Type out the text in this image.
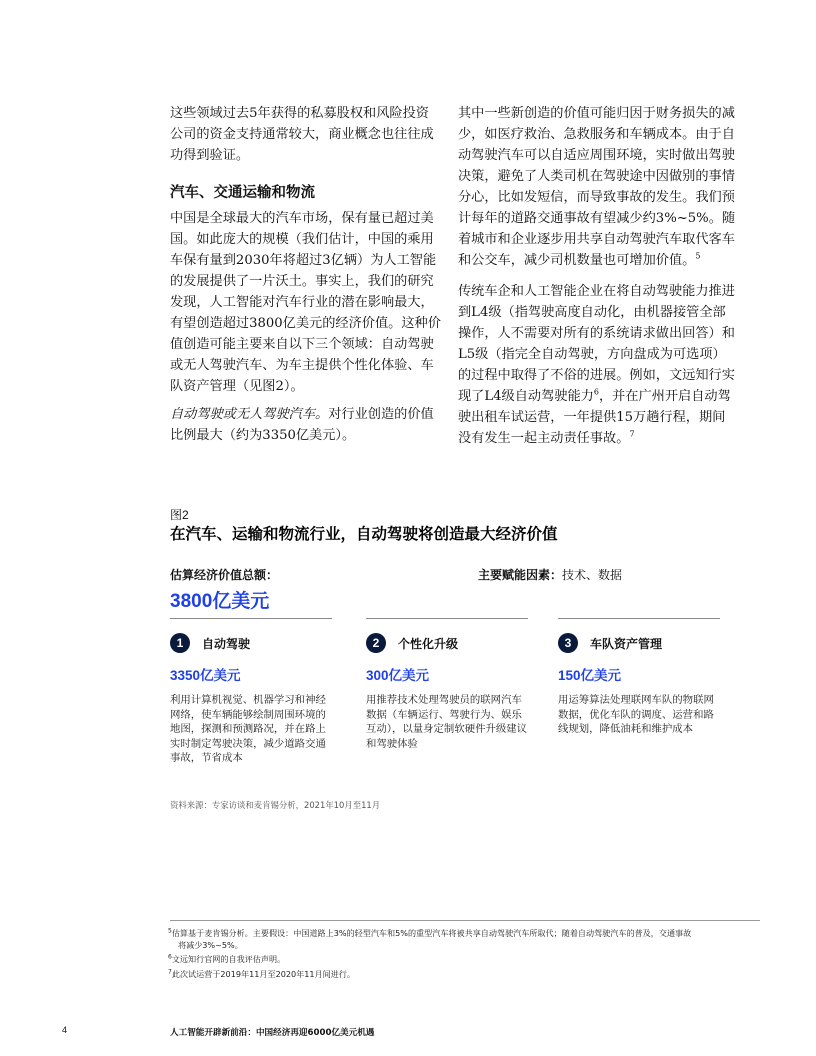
这些领域过去5年获得的私募股权和风险投资公司的资金支持通常较大，商业概念也往往成功得到验证。

汽车、交通运输和物流

中国是全球最大的汽车市场，保有量已超过美国。如此庞大的规模（我们估计，中国的乘用车保有量到2030年将超过3亿辆）为人工智能的发展提供了一片沃土。事实上，我们的研究发现，人工智能对汽车行业的潜在影响最大，有望创造超过3800亿美元的经济价值。这种价值创造可能主要来自以下三个领域：自动驾驶或无人驾驶汽车、为车主提供个性化体验、车队资产管理（见图2）。

自动驾驶或无人驾驶汽车。对行业创造的价值比例最大（约为3350亿美元）。

其中一些新创造的价值可能归因于财务损失的减少，如医疗救治、急救服务和车辆成本。由于自动驾驶汽车可以自适应周围环境，实时做出驾驶决策，避免了人类司机在驾驶途中因做别的事情分心，比如发短信，而导致事故的发生。我们预计每年的道路交通事故有望减少约3%~5%。随着城市和企业逐步用共享自动驾驶汽车取代客车和公交车，减少司机数量也可增加价值。$^5$

传统车企和人工智能企业在将自动驾驶能力推进到L4级（指驾驶高度自动化，由机器接管全部操作，人不需要对所有的系统请求做出回答）和L5级（指完全自动驾驶，方向盘成为可选项）的过程中取得了不俗的进展。例如，文远知行实现了L4级自动驾驶能力$^6$，并在广州开启自动驾驶出租车试运营，一年提供15万趟行程，期间没有发生一起主动责任事故。$^7$

图2
在汽车、运输和物流行业，自动驾驶将创造最大经济价值
估算经济价值总额：
3800亿美元
主要赋能因素：技术、数据
1	自动驾驶
3350亿美元
利用计算机视觉、机器学习和神经网络，使车辆能够绘制周围环境的地图，探测和预测路况，并在路上实时制定驾驶决策，减少道路交通事故，节省成本
2	个性化升级
300亿美元
用推荐技术处理驾驶员的联网汽车数据（车辆运行、驾驶行为、娱乐互动），以量身定制软硬件升级建议和驾驶体验
3	车队资产管理
150亿美元
用运筹算法处理联网车队的物联网数据，优化车队的调度、运营和路线规划，降低油耗和维护成本
资料来源：专家访谈和麦肯锡分析，2021年10月至11月
$^5$估算基于麦肯锡分析。主要假设：中国道路上3%的轻型汽车和5%的重型汽车将被共享自动驾驶汽车所取代；随着自动驾驶汽车的普及，交通事故
将减少3%~5%。
$^6$文远知行官网的自我评估声明。
$^7$此次试运营于2019年11月至2020年11月间进行。
4	人工智能开辟新前沿：中国经济再迎6000亿美元机遇
